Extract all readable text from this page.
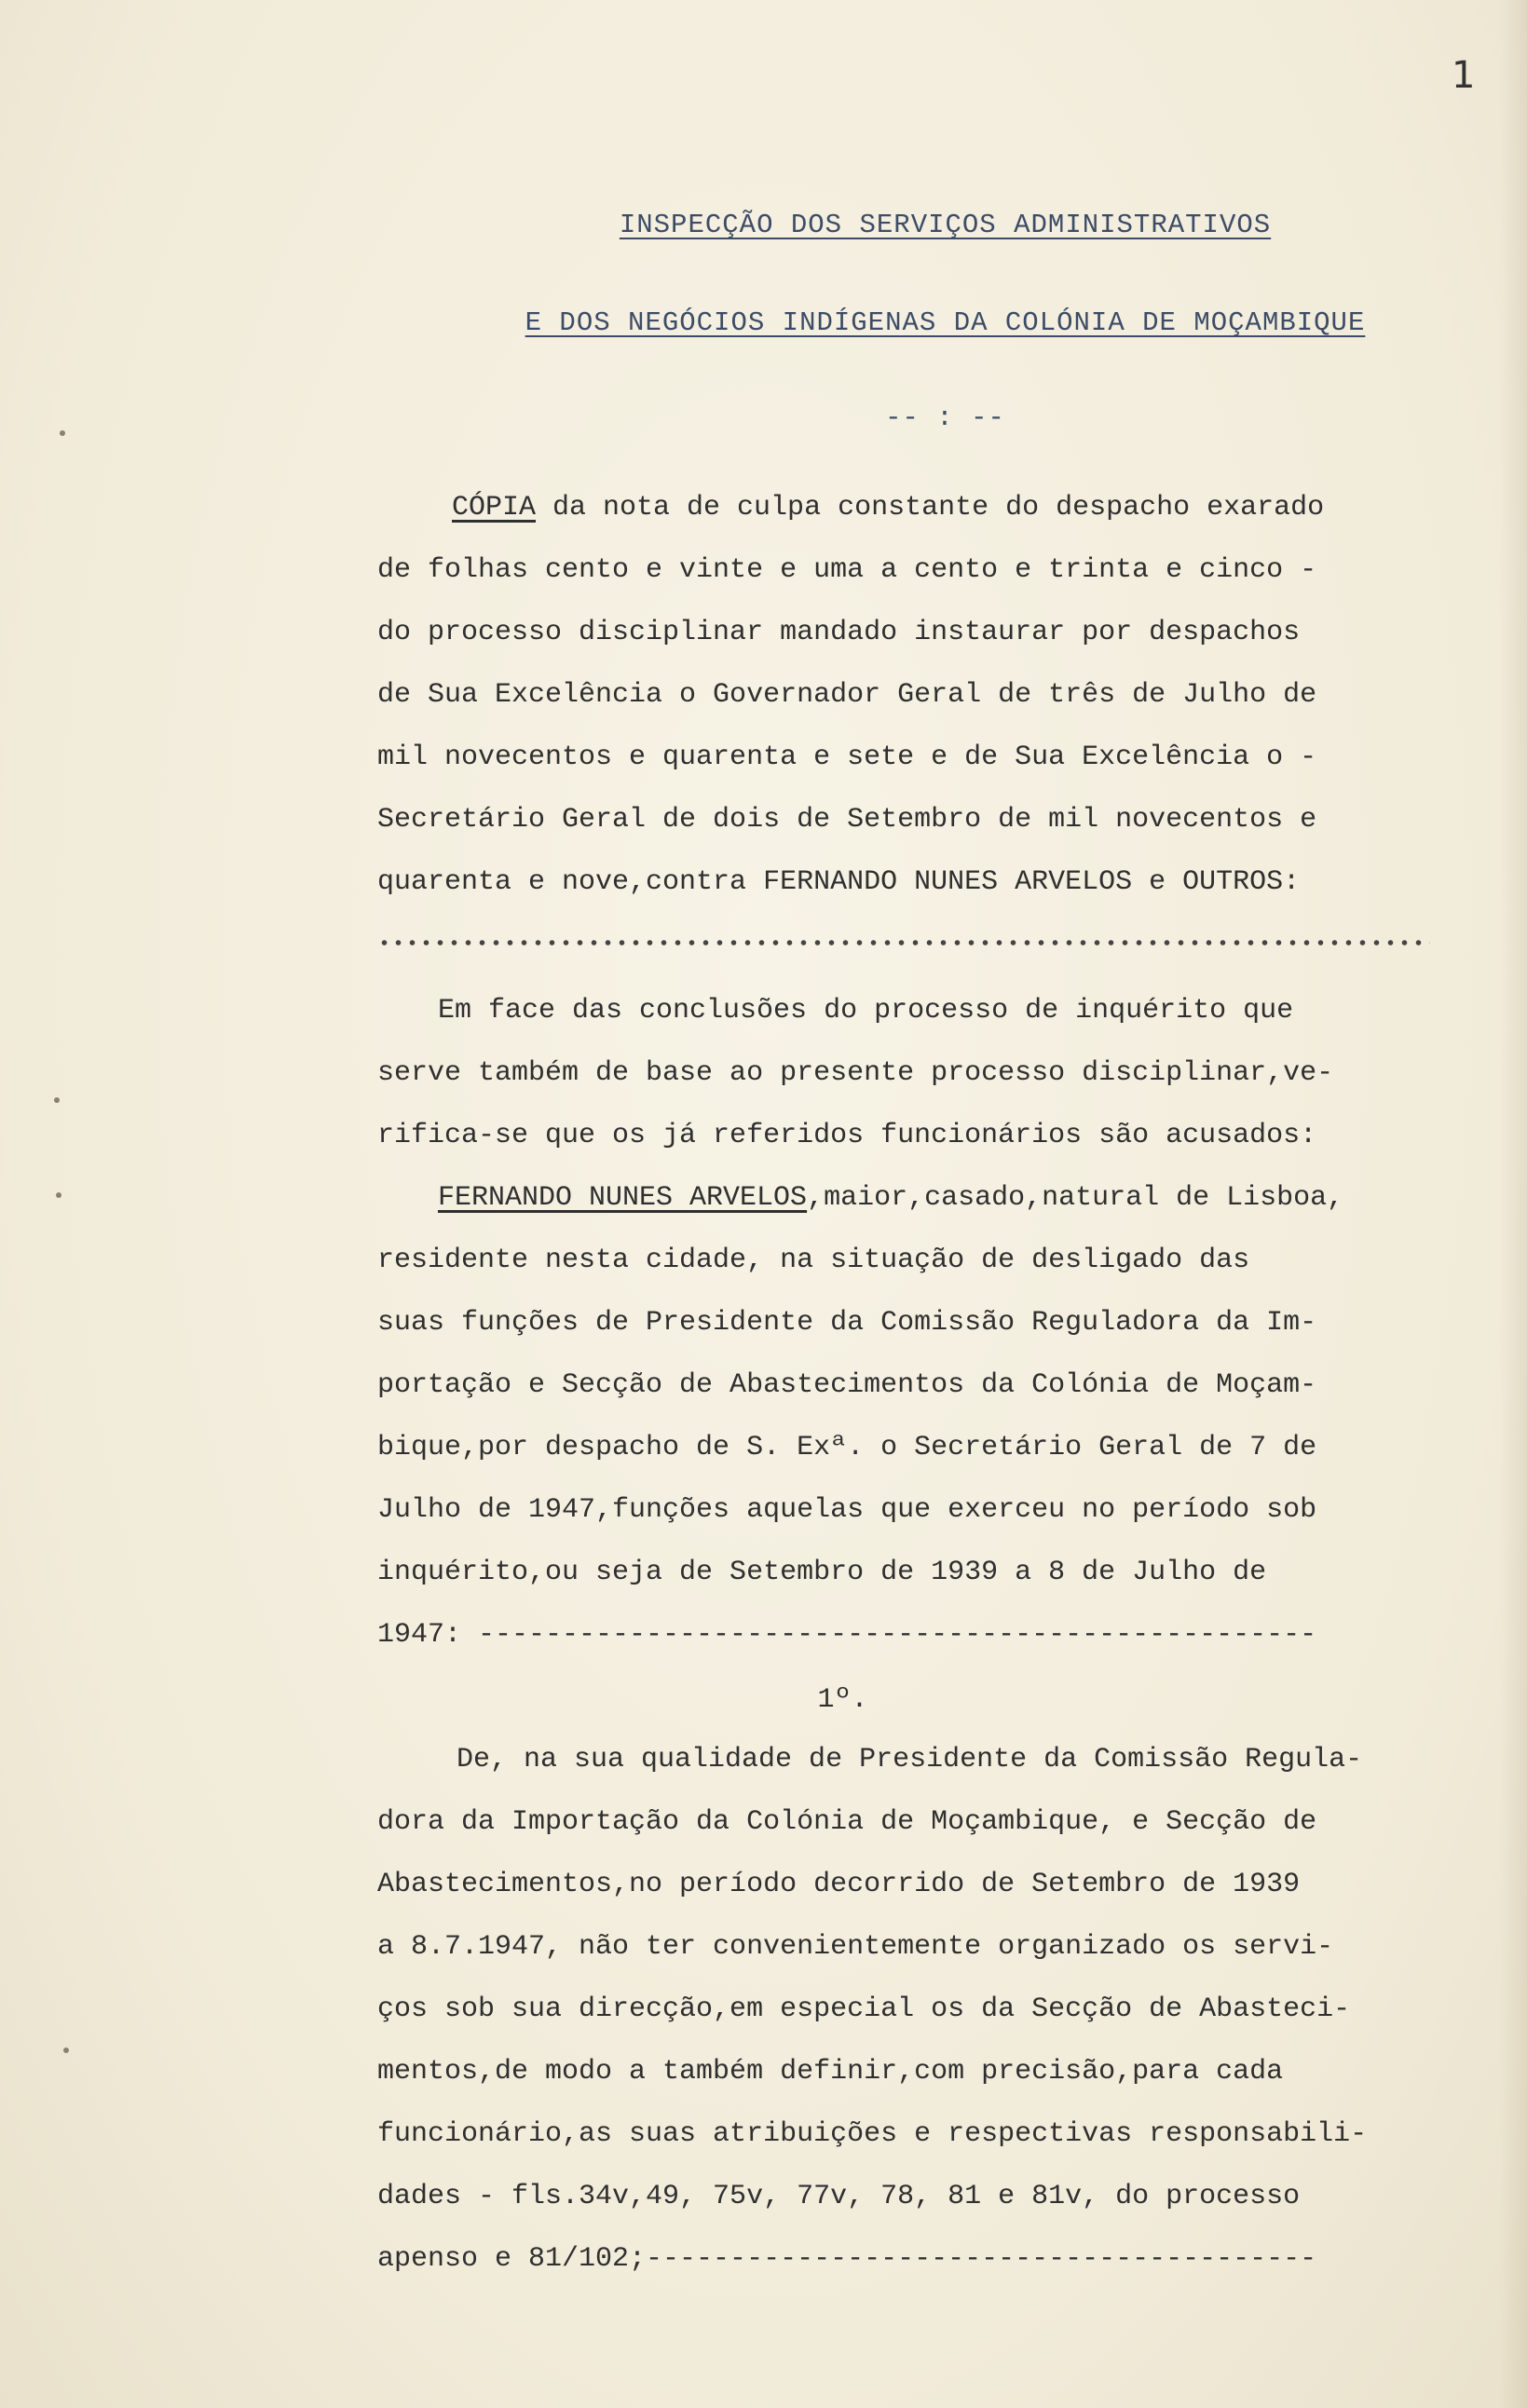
1
INSPECÇÃO DOS SERVIÇOS ADMINISTRATIVOS
E DOS NEGÓCIOS INDÍGENAS DA COLÓNIA DE MOÇAMBIQUE
-- : --
CÓPIA da nota de culpa constante do despacho exarado
de folhas cento e vinte e uma a cento e trinta e cinco -
do processo disciplinar mandado instaurar por despachos
de Sua Excelência o Governador Geral de três de Julho de
mil novecentos e quarenta e sete e de Sua Excelência o -
Secretário Geral de dois de Setembro de mil novecentos e
quarenta e nove,contra FERNANDO NUNES ARVELOS e OUTROS:
Em face das conclusões do processo de inquérito que
serve também de base ao presente processo disciplinar,ve-
rifica-se que os já referidos funcionários são acusados:
FERNANDO NUNES ARVELOS,maior,casado,natural de Lisboa,
residente nesta cidade, na situação de desligado das
suas funções de Presidente da Comissão Reguladora da Im-
portação e Secção de Abastecimentos da Colónia de Moçam-
bique,por despacho de S. Exª. o Secretário Geral de 7 de
Julho de 1947,funções aquelas que exerceu no período sob
inquérito,ou seja de Setembro de 1939 a 8 de Julho de
1947: --------------------------------------------------
1º.
De, na sua qualidade de Presidente da Comissão Regula-
dora da Importação da Colónia de Moçambique, e Secção de
Abastecimentos,no período decorrido de Setembro de 1939
a 8.7.1947, não ter convenientemente organizado os servi-
ços sob sua direcção,em especial os da Secção de Abasteci-
mentos,de modo a também definir,com precisão,para cada
funcionário,as suas atribuições e respectivas responsabili-
dades - fls.34v,49, 75v, 77v, 78, 81 e 81v, do processo
apenso e 81/102;----------------------------------------
